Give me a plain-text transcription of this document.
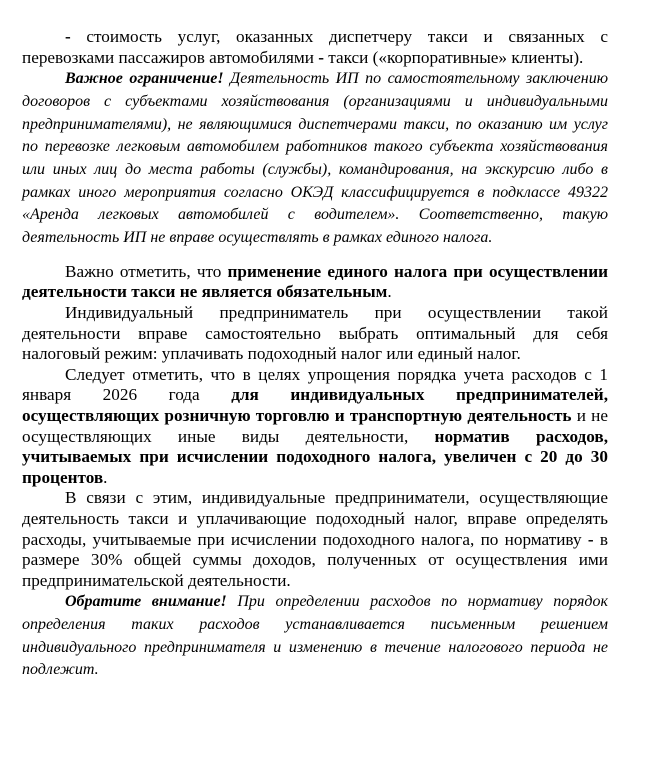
- стоимость услуг, оказанных диспетчеру такси и связанных с перевозками пассажиров автомобилями - такси («корпоративные» клиенты).

Важное ограничение! Деятельность ИП по самостоятельному заключению договоров с субъектами хозяйствования (организациями и индивидуальными предпринимателями), не являющимися диспетчерами такси, по оказанию им услуг по перевозке легковым автомобилем работников такого субъекта хозяйствования или иных лиц до места работы (службы), командирования, на экскурсию либо в рамках иного мероприятия согласно ОКЭД классифицируется в подклассе 49322 «Аренда легковых автомобилей с водителем». Соответственно, такую деятельность ИП не вправе осуществлять в рамках единого налога.

Важно отметить, что применение единого налога при осуществлении деятельности такси не является обязательным.

Индивидуальный предприниматель при осуществлении такой деятельности вправе самостоятельно выбрать оптимальный для себя налоговый режим: уплачивать подоходный налог или единый налог.

Следует отметить, что в целях упрощения порядка учета расходов с 1 января 2026 года для индивидуальных предпринимателей, осуществляющих розничную торговлю и транспортную деятельность и не осуществляющих иные виды деятельности, норматив расходов, учитываемых при исчислении подоходного налога, увеличен с 20 до 30 процентов.

В связи с этим, индивидуальные предприниматели, осуществляющие деятельность такси и уплачивающие подоходный налог, вправе определять расходы, учитываемые при исчислении подоходного налога, по нормативу - в размере 30% общей суммы доходов, полученных от осуществления ими предпринимательской деятельности.

Обратите внимание! При определении расходов по нормативу порядок определения таких расходов устанавливается письменным решением индивидуального предпринимателя и изменению в течение налогового периода не подлежит.
